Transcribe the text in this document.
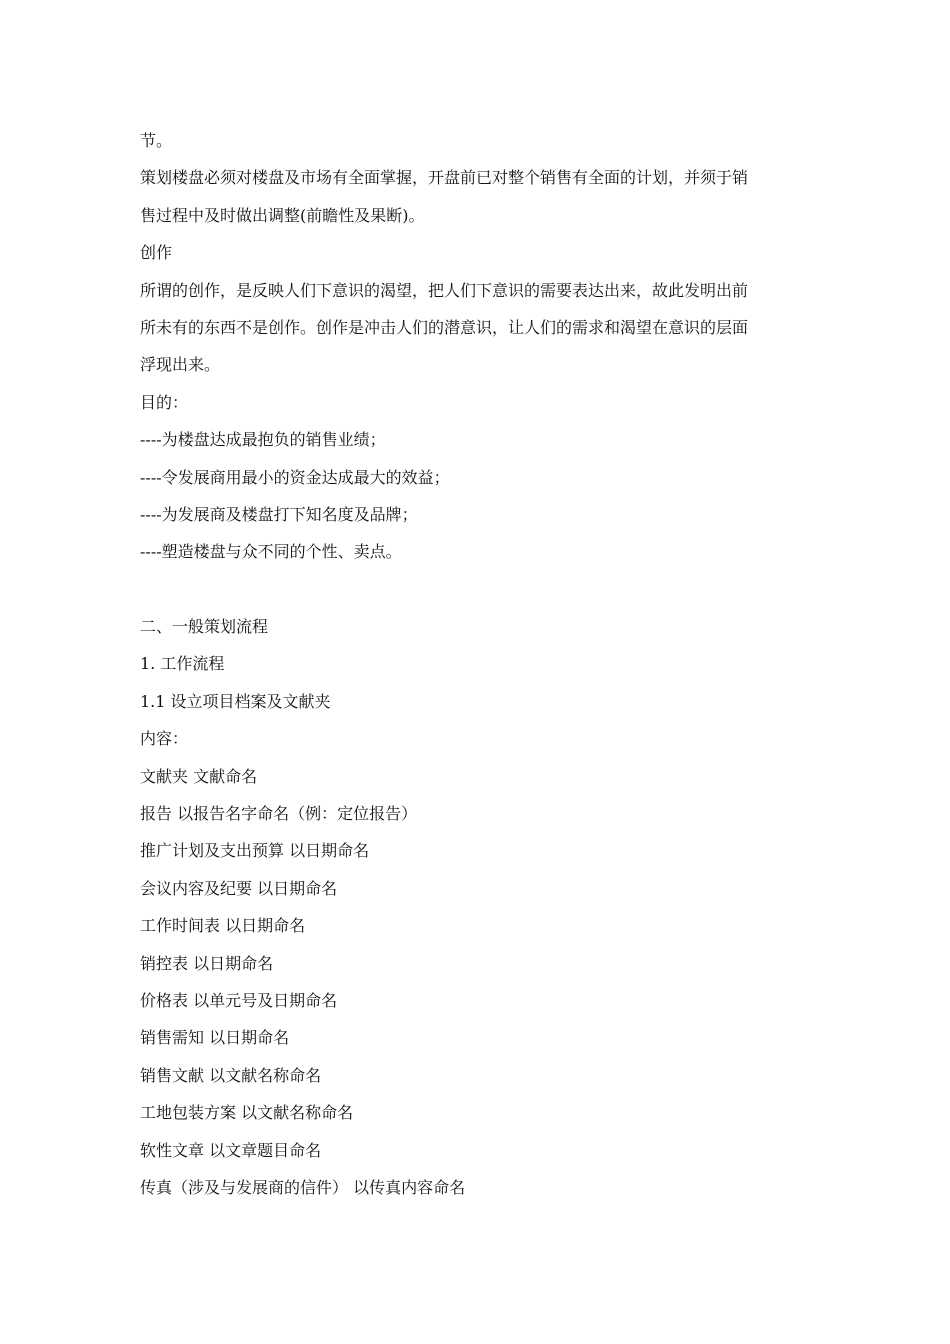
节。
策划楼盘必须对楼盘及市场有全面掌握，开盘前已对整个销售有全面的计划，并须于销
售过程中及时做出调整(前瞻性及果断)。
创作
所谓的创作，是反映人们下意识的渴望，把人们下意识的需要表达出来，故此发明出前
所未有的东西不是创作。创作是冲击人们的潜意识，让人们的需求和渴望在意识的层面
浮现出来。
目的：
----为楼盘达成最抱负的销售业绩；
----令发展商用最小的资金达成最大的效益；
----为发展商及楼盘打下知名度及品牌；
----塑造楼盘与众不同的个性、卖点。
二、一般策划流程
1. 工作流程
1.1 设立项目档案及文献夹
内容：
文献夹 文献命名
报告 以报告名字命名（例：定位报告）
推广计划及支出预算 以日期命名
会议内容及纪要 以日期命名
工作时间表 以日期命名
销控表 以日期命名
价格表 以单元号及日期命名
销售需知 以日期命名
销售文献 以文献名称命名
工地包装方案 以文献名称命名
软性文章 以文章题目命名
传真（涉及与发展商的信件） 以传真内容命名
